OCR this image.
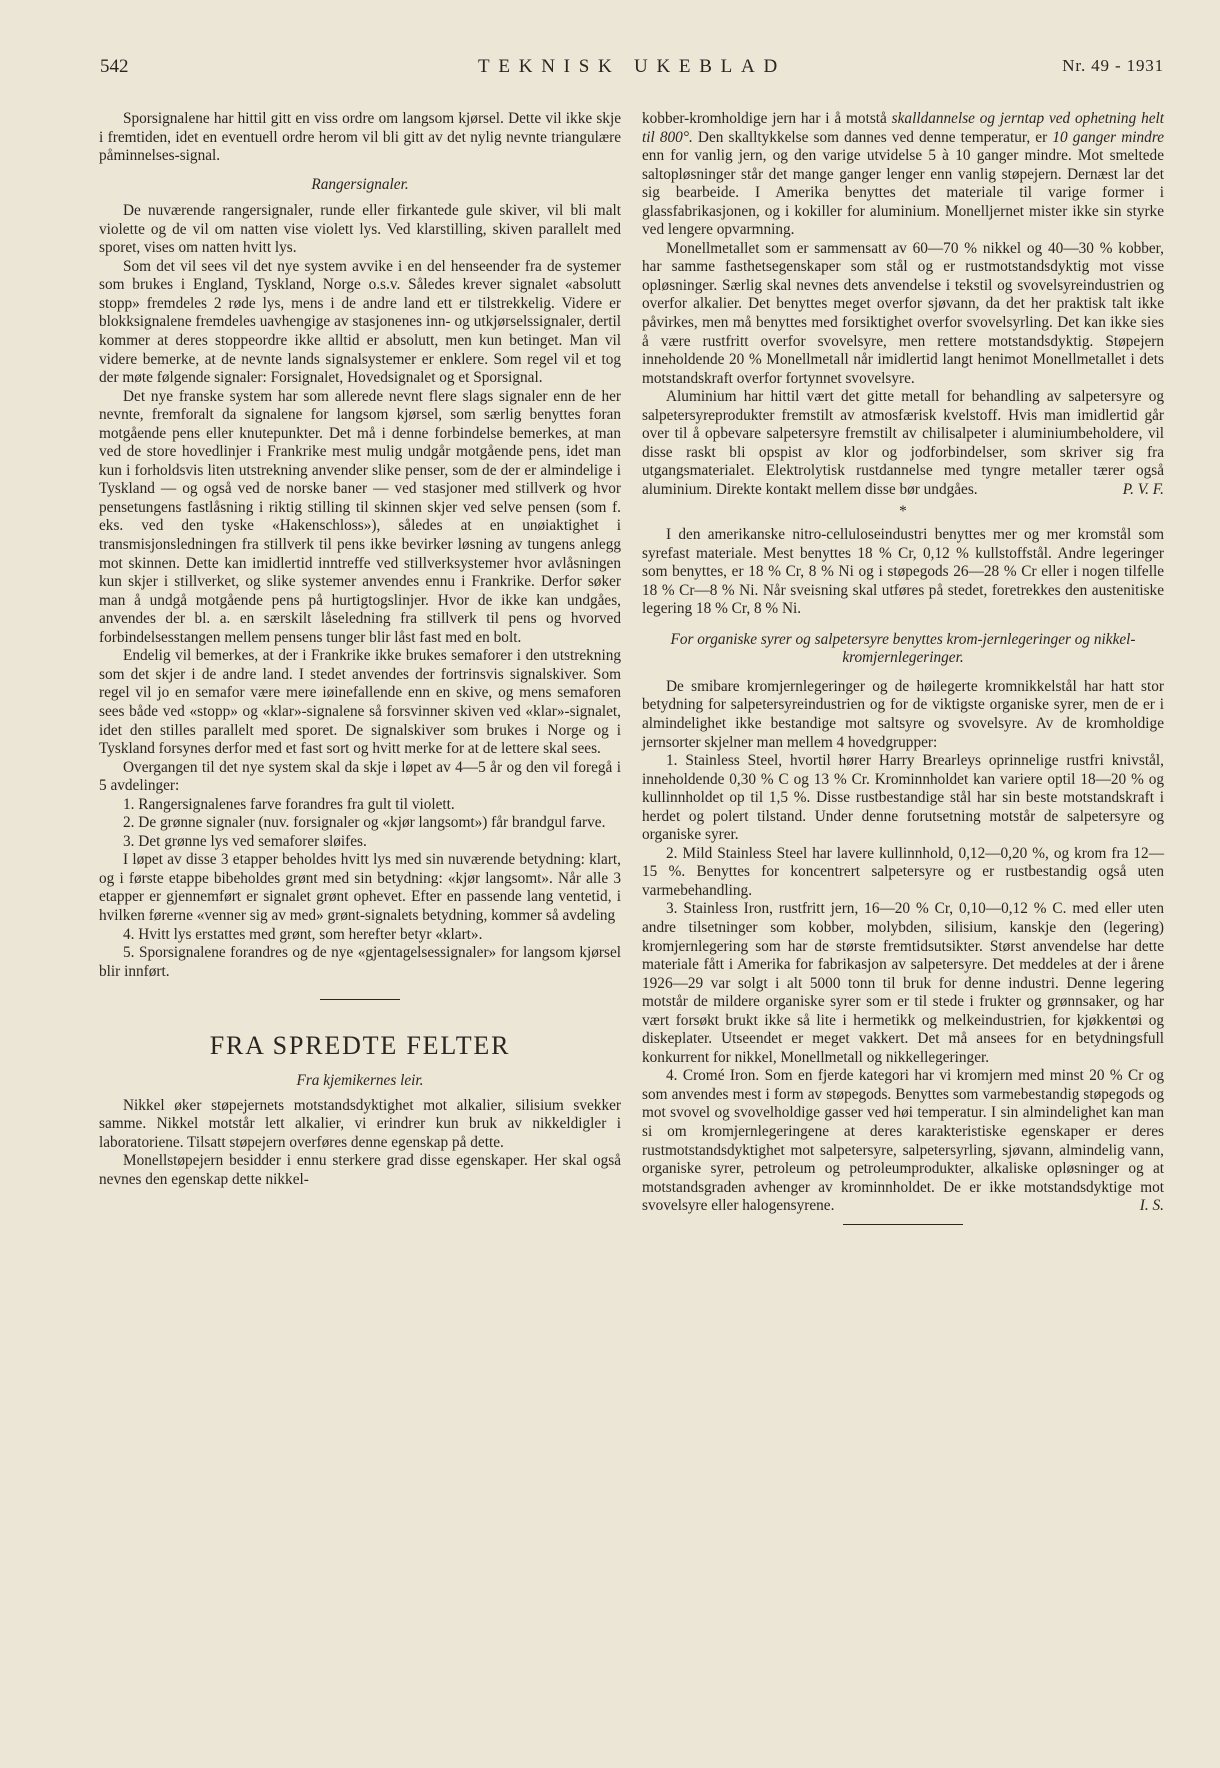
542	TEKNISK UKEBLAD	Nr. 49 - 1931

Sporsignalene har hittil gitt en viss ordre om langsom kjørsel. Dette vil ikke skje i fremtiden, idet en eventuell ordre herom vil bli gitt av det nylig nevnte triangulære påminnelses-signal.

Rangersignaler.

De nuværende rangersignaler, runde eller firkantede gule skiver, vil bli malt violette og de vil om natten vise violett lys. Ved klarstilling, skiven parallelt med sporet, vises om natten hvitt lys.

Som det vil sees vil det nye system avvike i en del henseender fra de systemer som brukes i England, Tyskland, Norge o.s.v. Således krever signalet «absolutt stopp» fremdeles 2 røde lys, mens i de andre land ett er tilstrekkelig. Videre er blokksignalene fremdeles uavhengige av stasjonenes inn- og utkjørselssignaler, dertil kommer at deres stoppeordre ikke alltid er absolutt, men kun betinget. Man vil videre bemerke, at de nevnte lands signalsystemer er enklere. Som regel vil et tog der møte følgende signaler: Forsignalet, Hovedsignalet og et Sporsignal.

Det nye franske system har som allerede nevnt flere slags signaler enn de her nevnte, fremforalt da signalene for langsom kjørsel, som særlig benyttes foran motgående pens eller knutepunkter. Det må i denne forbindelse bemerkes, at man ved de store hovedlinjer i Frankrike mest mulig undgår motgående pens, idet man kun i forholdsvis liten utstrekning anvender slike penser, som de der er almindelige i Tyskland — og også ved de norske baner — ved stasjoner med stillverk og hvor pensetungens fastlåsning i riktig stilling til skinnen skjer ved selve pensen (som f. eks. ved den tyske «Hakenschloss»), således at en unøiaktighet i transmisjonsledningen fra stillverk til pens ikke bevirker løsning av tungens anlegg mot skinnen. Dette kan imidlertid inntreffe ved stillverksystemer hvor avlåsningen kun skjer i stillverket, og slike systemer anvendes ennu i Frankrike. Derfor søker man å undgå motgående pens på hurtigtogslinjer. Hvor de ikke kan undgåes, anvendes der bl. a. en særskilt låseledning fra stillverk til pens og hvorved forbindelsesstangen mellem pensens tunger blir låst fast med en bolt.

Endelig vil bemerkes, at der i Frankrike ikke brukes semaforer i den utstrekning som det skjer i de andre land. I stedet anvendes der fortrinsvis signalskiver. Som regel vil jo en semafor være mere iøinefallende enn en skive, og mens semaforen sees både ved «stopp» og «klar»-signalene så forsvinner skiven ved «klar»-signalet, idet den stilles parallelt med sporet. De signalskiver som brukes i Norge og i Tyskland forsynes derfor med et fast sort og hvitt merke for at de lettere skal sees.

Overgangen til det nye system skal da skje i løpet av 4—5 år og den vil foregå i 5 avdelinger:

1. Rangersignalenes farve forandres fra gult til violett.

2. De grønne signaler (nuv. forsignaler og «kjør langsomt») får brandgul farve.

3. Det grønne lys ved semaforer sløifes.

I løpet av disse 3 etapper beholdes hvitt lys med sin nuværende betydning: klart, og i første etappe bibeholdes grønt med sin betydning: «kjør langsomt». Når alle 3 etapper er gjennemført er signalet grønt ophevet. Efter en passende lang ventetid, i hvilken førerne «venner sig av med» grønt-signalets betydning, kommer så avdeling

4. Hvitt lys erstattes med grønt, som herefter betyr «klart».

5. Sporsignalene forandres og de nye «gjentagelsessignaler» for langsom kjørsel blir innført.

FRA SPREDTE FELTER

Fra kjemikernes leir.

Nikkel øker støpejernets motstandsdyktighet mot alkalier, silisium svekker samme. Nikkel motstår lett alkalier, vi erindrer kun bruk av nikkeldigler i laboratoriene. Tilsatt støpejern overføres denne egenskap på dette.

Monellstøpejern besidder i ennu sterkere grad disse egenskaper. Her skal også nevnes den egenskap dette nikkel-

kobber-kromholdige jern har i å motstå skalldannelse og jerntap ved ophetning helt til 800°. Den skalltykkelse som dannes ved denne temperatur, er 10 ganger mindre enn for vanlig jern, og den varige utvidelse 5 à 10 ganger mindre. Mot smeltede saltopløsninger står det mange ganger lenger enn vanlig støpejern. Dernæst lar det sig bearbeide. I Amerika benyttes det materiale til varige former i glassfabrikasjonen, og i kokiller for aluminium. Monelljernet mister ikke sin styrke ved lengere opvarmning.

Monellmetallet som er sammensatt av 60—70 % nikkel og 40—30 % kobber, har samme fasthetsegenskaper som stål og er rustmotstandsdyktig mot visse opløsninger. Særlig skal nevnes dets anvendelse i tekstil og svovelsyreindustrien og overfor alkalier. Det benyttes meget overfor sjøvann, da det her praktisk talt ikke påvirkes, men må benyttes med forsiktighet overfor svovelsyrling. Det kan ikke sies å være rustfritt overfor svovelsyre, men rettere motstandsdyktig. Støpejern inneholdende 20 % Monellmetall når imidlertid langt henimot Monellmetallet i dets motstandskraft overfor fortynnet svovelsyre.

Aluminium har hittil vært det gitte metall for behandling av salpetersyre og salpetersyreprodukter fremstilt av atmosfærisk kvelstoff. Hvis man imidlertid går over til å opbevare salpetersyre fremstilt av chilisalpeter i aluminiumbeholdere, vil disse raskt bli opspist av klor og jodforbindelser, som skriver sig fra utgangsmaterialet. Elektrolytisk rustdannelse med tyngre metaller tærer også aluminium. Direkte kontakt mellem disse bør undgåes.	P. V. F.

*

I den amerikanske nitro-celluloseindustri benyttes mer og mer kromstål som syrefast materiale. Mest benyttes 18 % Cr, 0,12 % kullstoffstål. Andre legeringer som benyttes, er 18 % Cr, 8 % Ni og i støpegods 26—28 % Cr eller i nogen tilfelle 18 % Cr—8 % Ni. Når sveisning skal utføres på stedet, foretrekkes den austenitiske legering 18 % Cr, 8 % Ni.

For organiske syrer og salpetersyre benyttes krom-jernlegeringer og nikkel-kromjernlegeringer.

De smibare kromjernlegeringer og de høilegerte kromnikkelstål har hatt stor betydning for salpetersyreindustrien og for de viktigste organiske syrer, men de er i almindelighet ikke bestandige mot saltsyre og svovelsyre. Av de kromholdige jernsorter skjelner man mellem 4 hovedgrupper:

1. Stainless Steel, hvortil hører Harry Brearleys oprinnelige rustfri knivstål, inneholdende 0,30 % C og 13 % Cr. Krominnholdet kan variere optil 18—20 % og kullinnholdet op til 1,5 %. Disse rustbestandige stål har sin beste motstandskraft i herdet og polert tilstand. Under denne forutsetning motstår de salpetersyre og organiske syrer.

2. Mild Stainless Steel har lavere kullinnhold, 0,12—0,20 %, og krom fra 12—15 %. Benyttes for koncentrert salpetersyre og er rustbestandig også uten varmebehandling.

3. Stainless Iron, rustfritt jern, 16—20 % Cr, 0,10—0,12 % C. med eller uten andre tilsetninger som kobber, molybden, silisium, kanskje den (legering) kromjernlegering som har de største fremtidsutsikter. Størst anvendelse har dette materiale fått i Amerika for fabrikasjon av salpetersyre. Det meddeles at der i årene 1926—29 var solgt i alt 5000 tonn til bruk for denne industri. Denne legering motstår de mildere organiske syrer som er til stede i frukter og grønnsaker, og har vært forsøkt brukt ikke så lite i hermetikk og melkeindustrien, for kjøkkentøi og diskeplater. Utseendet er meget vakkert. Det må ansees for en betydningsfull konkurrent for nikkel, Monellmetall og nikkellegeringer.

4. Cromé Iron. Som en fjerde kategori har vi kromjern med minst 20 % Cr og som anvendes mest i form av støpegods. Benyttes som varmebestandig støpegods og mot svovel og svovelholdige gasser ved høi temperatur. I sin almindelighet kan man si om kromjernlegeringene at deres karakteristiske egenskaper er deres rustmotstandsdyktighet mot salpetersyre, salpetersyrling, sjøvann, almindelig vann, organiske syrer, petroleum og petroleumprodukter, alkaliske opløsninger og at motstandsgraden avhenger av krominnholdet. De er ikke motstandsdyktige mot svovelsyre eller halogensyrene.	I. S.
